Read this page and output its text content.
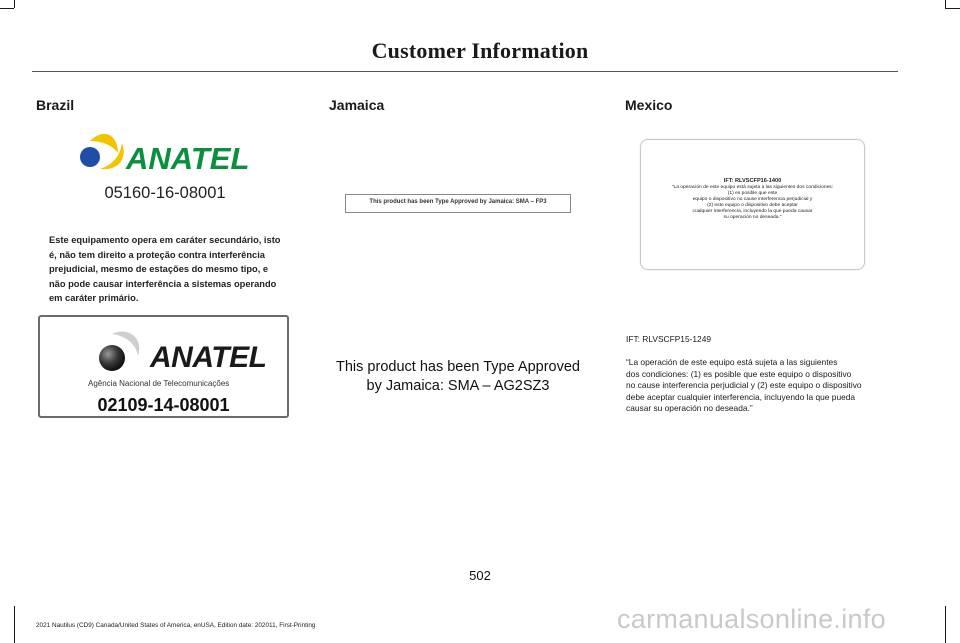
Customer Information
Brazil	Jamaica	Mexico
ANATEL
05160-16-08001
Este equipamento opera em caráter secundário, isto é, não tem direito a proteção contra interferência prejudicial, mesmo de estações do mesmo tipo, e não pode causar interferência a sistemas operando em caráter primário.
ANATEL
Agência Nacional de Telecomunicações
02109-14-08001
This product has been Type Approved by Jamaica: SMA – FP3
This product has been Type Approved by Jamaica: SMA – AG2SZ3
IFT: RLVSCFP16-1400
“La operación de este equipo está sujeta a las siguientes dos condiciones:
(1) es posible que este
equipo o dispositivo no cause interferencia perjudicial y
(2) este equipo o dispositivo debe aceptar
cualquier interferencia, incluyendo la que pueda causar
su operación no deseada.”
IFT: RLVSCFP15-1249
“La operación de este equipo está sujeta a las siguientes
dos condiciones: (1) es posible que este equipo o dispositivo
no cause interferencia perjudicial y (2) este equipo o dispositivo
debe aceptar cualquier interferencia, incluyendo la que pueda
causar su operación no deseada.”
502
2021 Nautilus (CD9) Canada/United States of America, enUSA, Edition date: 202011, First-Printing	carmanualsonline.info
